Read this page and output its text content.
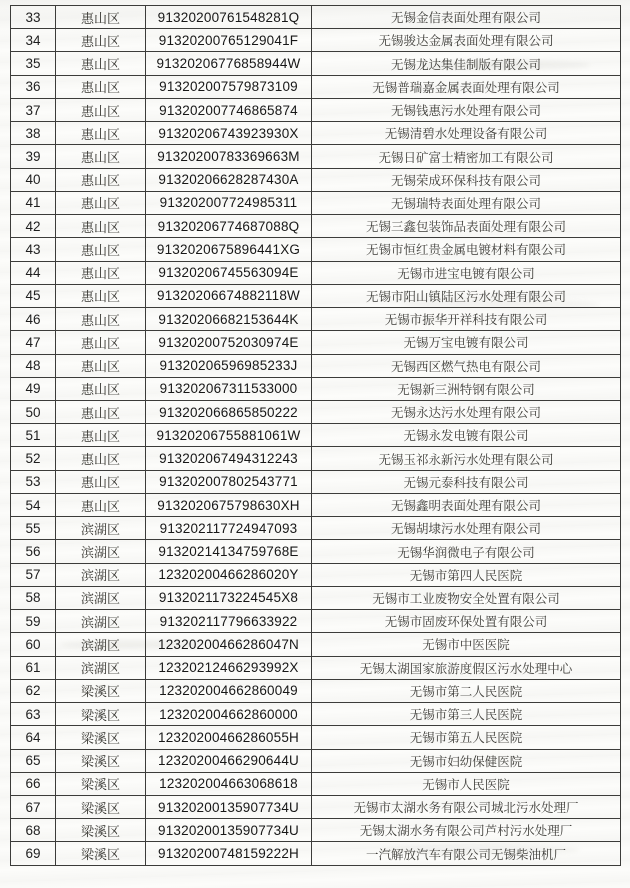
33	惠山区	91320200761548281Q	无锡金信表面处理有限公司
34	惠山区	91320200765129041F	无锡骏达金属表面处理有限公司
35	惠山区	91320206776858944W	无锡龙达集佳制版有限公司
36	惠山区	913202007579873109	无锡普瑞嘉金属表面处理有限公司
37	惠山区	913202007746865874	无锡钱惠污水处理有限公司
38	惠山区	91320206743923930X	无锡清碧水处理设备有限公司
39	惠山区	91320200783369663M	无锡日矿富士精密加工有限公司
40	惠山区	91320206628287430A	无锡荣成环保科技有限公司
41	惠山区	913202007724985311	无锡瑞特表面处理有限公司
42	惠山区	91320206774687088Q	无锡三鑫包装饰品表面处理有限公司
43	惠山区	9132020675896441XG	无锡市恒红贵金属电镀材料有限公司
44	惠山区	91320206745563094E	无锡市进宝电镀有限公司
45	惠山区	91320206674882118W	无锡市阳山镇陆区污水处理有限公司
46	惠山区	91320206682153644K	无锡市振华开祥科技有限公司
47	惠山区	91320200752030974E	无锡万宝电镀有限公司
48	惠山区	91320206596985233J	无锡西区燃气热电有限公司
49	惠山区	913202067311533000	无锡新三洲特钢有限公司
50	惠山区	913202066865850222	无锡永达污水处理有限公司
51	惠山区	91320206755881061W	无锡永发电镀有限公司
52	惠山区	913202067494312243	无锡玉祁永新污水处理有限公司
53	惠山区	913202007802543771	无锡元泰科技有限公司
54	惠山区	9132020675798630XH	无锡鑫明表面处理有限公司
55	滨湖区	913202117724947093	无锡胡埭污水处理有限公司
56	滨湖区	91320214134759768E	无锡华润微电子有限公司
57	滨湖区	12320200466286020Y	无锡市第四人民医院
58	滨湖区	9132021173224545X8	无锡市工业废物安全处置有限公司
59	滨湖区	913202117796633922	无锡市固废环保处置有限公司
60	滨湖区	12320200466286047N	无锡市中医医院
61	滨湖区	12320212466293992X	无锡太湖国家旅游度假区污水处理中心
62	梁溪区	123202004662860049	无锡市第二人民医院
63	梁溪区	123202004662860000	无锡市第三人民医院
64	梁溪区	12320200466286055H	无锡市第五人民医院
65	梁溪区	12320200466290644U	无锡市妇幼保健医院
66	梁溪区	123202004663068618	无锡市人民医院
67	梁溪区	91320200135907734U	无锡市太湖水务有限公司城北污水处理厂
68	梁溪区	91320200135907734U	无锡太湖水务有限公司芦村污水处理厂
69	梁溪区	91320200748159222H	一汽解放汽车有限公司无锡柴油机厂
